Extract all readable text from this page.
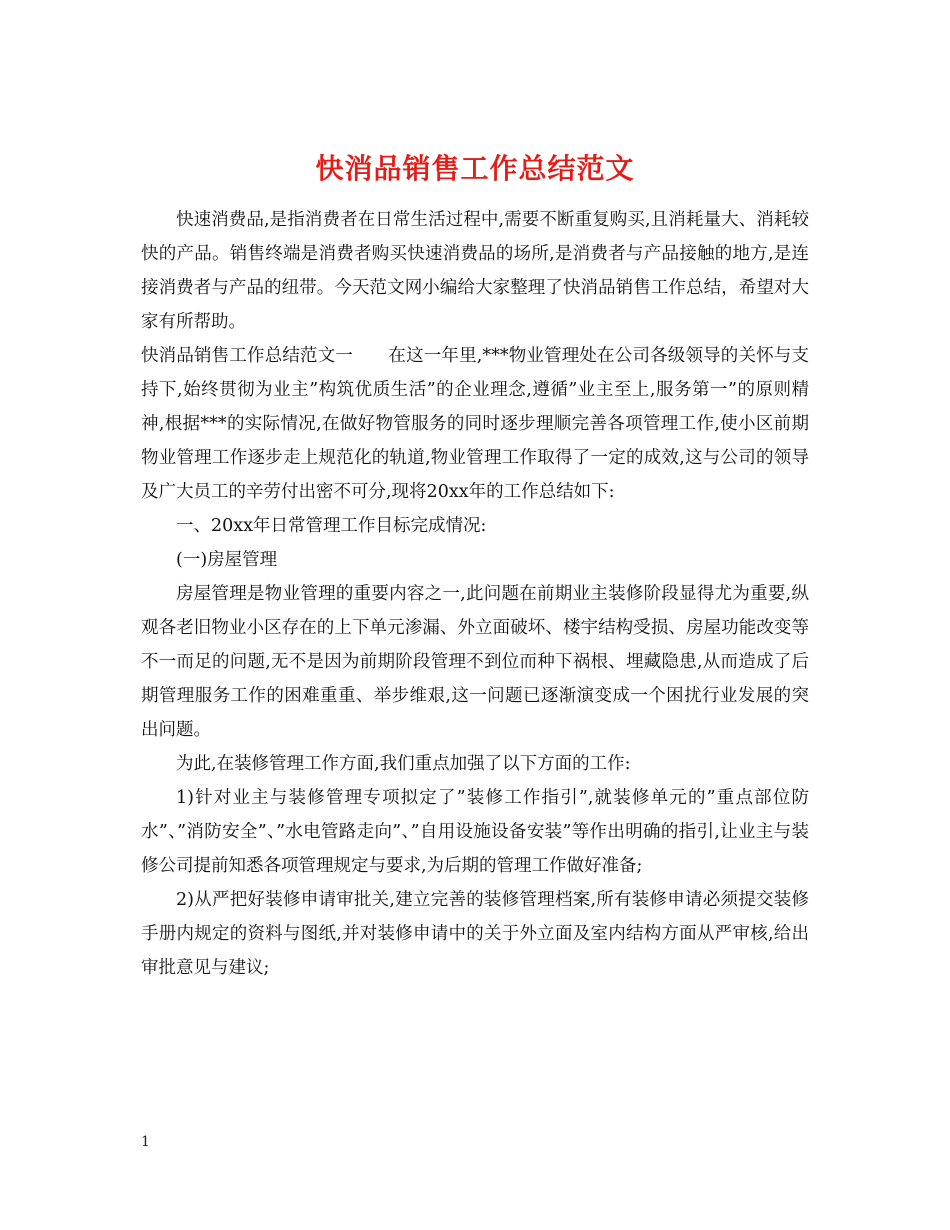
快消品销售工作总结范文

快速消费品,是指消费者在日常生活过程中,需要不断重复购买,且消耗量大、消耗较快的产品。销售终端是消费者购买快速消费品的场所,是消费者与产品接触的地方,是连接消费者与产品的纽带。今天范文网小编给大家整理了快消品销售工作总结，希望对大家有所帮助。

快消品销售工作总结范文一　　在这一年里,***物业管理处在公司各级领导的关怀与支持下,始终贯彻为业主”构筑优质生活”的企业理念,遵循”业主至上,服务第一”的原则精神,根据***的实际情况,在做好物管服务的同时逐步理顺完善各项管理工作,使小区前期物业管理工作逐步走上规范化的轨道,物业管理工作取得了一定的成效,这与公司的领导及广大员工的辛劳付出密不可分,现将20xx年的工作总结如下:

一、20xx年日常管理工作目标完成情况:

(一)房屋管理

房屋管理是物业管理的重要内容之一,此问题在前期业主装修阶段显得尤为重要,纵观各老旧物业小区存在的上下单元渗漏、外立面破坏、楼宇结构受损、房屋功能改变等不一而足的问题,无不是因为前期阶段管理不到位而种下祸根、埋藏隐患,从而造成了后期管理服务工作的困难重重、举步维艰,这一问题已逐渐演变成一个困扰行业发展的突出问题。

为此,在装修管理工作方面,我们重点加强了以下方面的工作:

1)针对业主与装修管理专项拟定了”装修工作指引”,就装修单元的”重点部位防水”、”消防安全”、”水电管路走向”、”自用设施设备安装”等作出明确的指引,让业主与装修公司提前知悉各项管理规定与要求,为后期的管理工作做好准备;

2)从严把好装修申请审批关,建立完善的装修管理档案,所有装修申请必须提交装修手册内规定的资料与图纸,并对装修申请中的关于外立面及室内结构方面从严审核,给出审批意见与建议;

1
